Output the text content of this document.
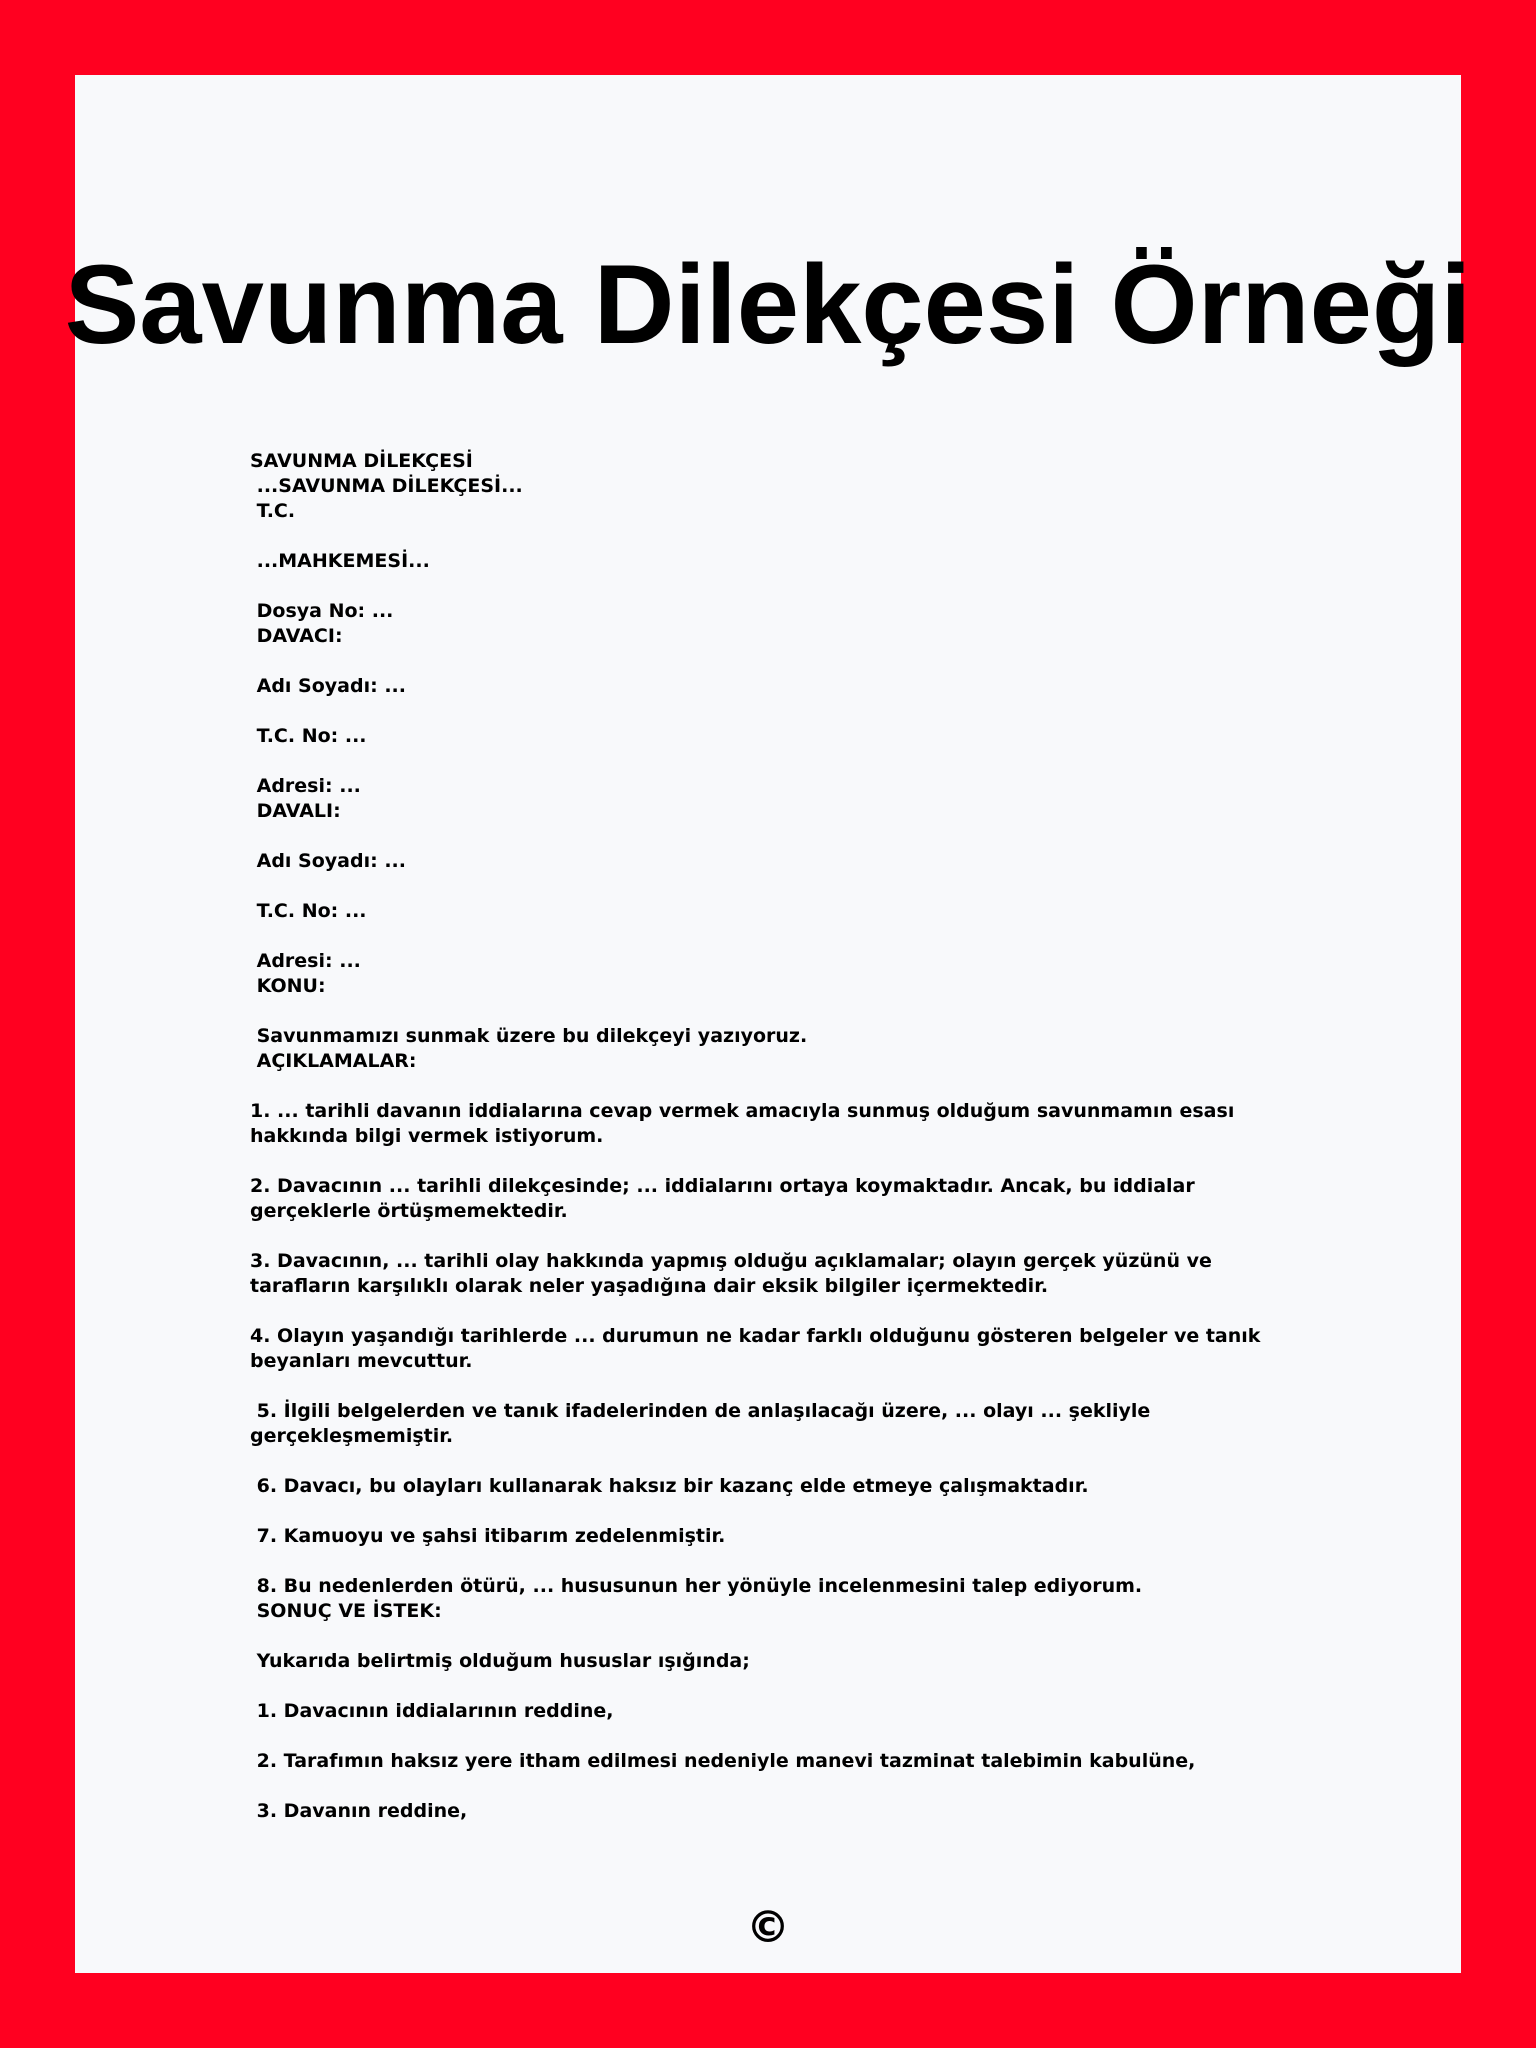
Savunma Dilekçesi Örneği
SAVUNMA DİLEKÇESİ
...SAVUNMA DİLEKÇESİ...
T.C.
...MAHKEMESİ...
Dosya No: ...
DAVACI:
Adı Soyadı: ...
T.C. No: ...
Adresi: ...
DAVALI:
Adı Soyadı: ...
T.C. No: ...
Adresi: ...
KONU:
Savunmamızı sunmak üzere bu dilekçeyi yazıyoruz.
AÇIKLAMALAR:
1. ... tarihli davanın iddialarına cevap vermek amacıyla sunmuş olduğum savunmamın esası hakkında bilgi vermek istiyorum.
2. Davacının ... tarihli dilekçesinde; ... iddialarını ortaya koymaktadır. Ancak, bu iddialar gerçeklerle örtüşmemektedir.
3. Davacının, ... tarihli olay hakkında yapmış olduğu açıklamalar; olayın gerçek yüzünü ve tarafların karşılıklı olarak neler yaşadığına dair eksik bilgiler içermektedir.
4. Olayın yaşandığı tarihlerde ... durumun ne kadar farklı olduğunu gösteren belgeler ve tanık beyanları mevcuttur.
5. İlgili belgelerden ve tanık ifadelerinden de anlaşılacağı üzere, ... olayı ... şekliyle gerçekleşmemiştir.
6. Davacı, bu olayları kullanarak haksız bir kazanç elde etmeye çalışmaktadır.
7. Kamuoyu ve şahsi itibarım zedelenmiştir.
8. Bu nedenlerden ötürü, ... hususunun her yönüyle incelenmesini talep ediyorum.
SONUÇ VE İSTEK:
Yukarıda belirtmiş olduğum hususlar ışığında;
1. Davacının iddialarının reddine,
2. Tarafımın haksız yere itham edilmesi nedeniyle manevi tazminat talebimin kabulüne,
3. Davanın reddine,
©
